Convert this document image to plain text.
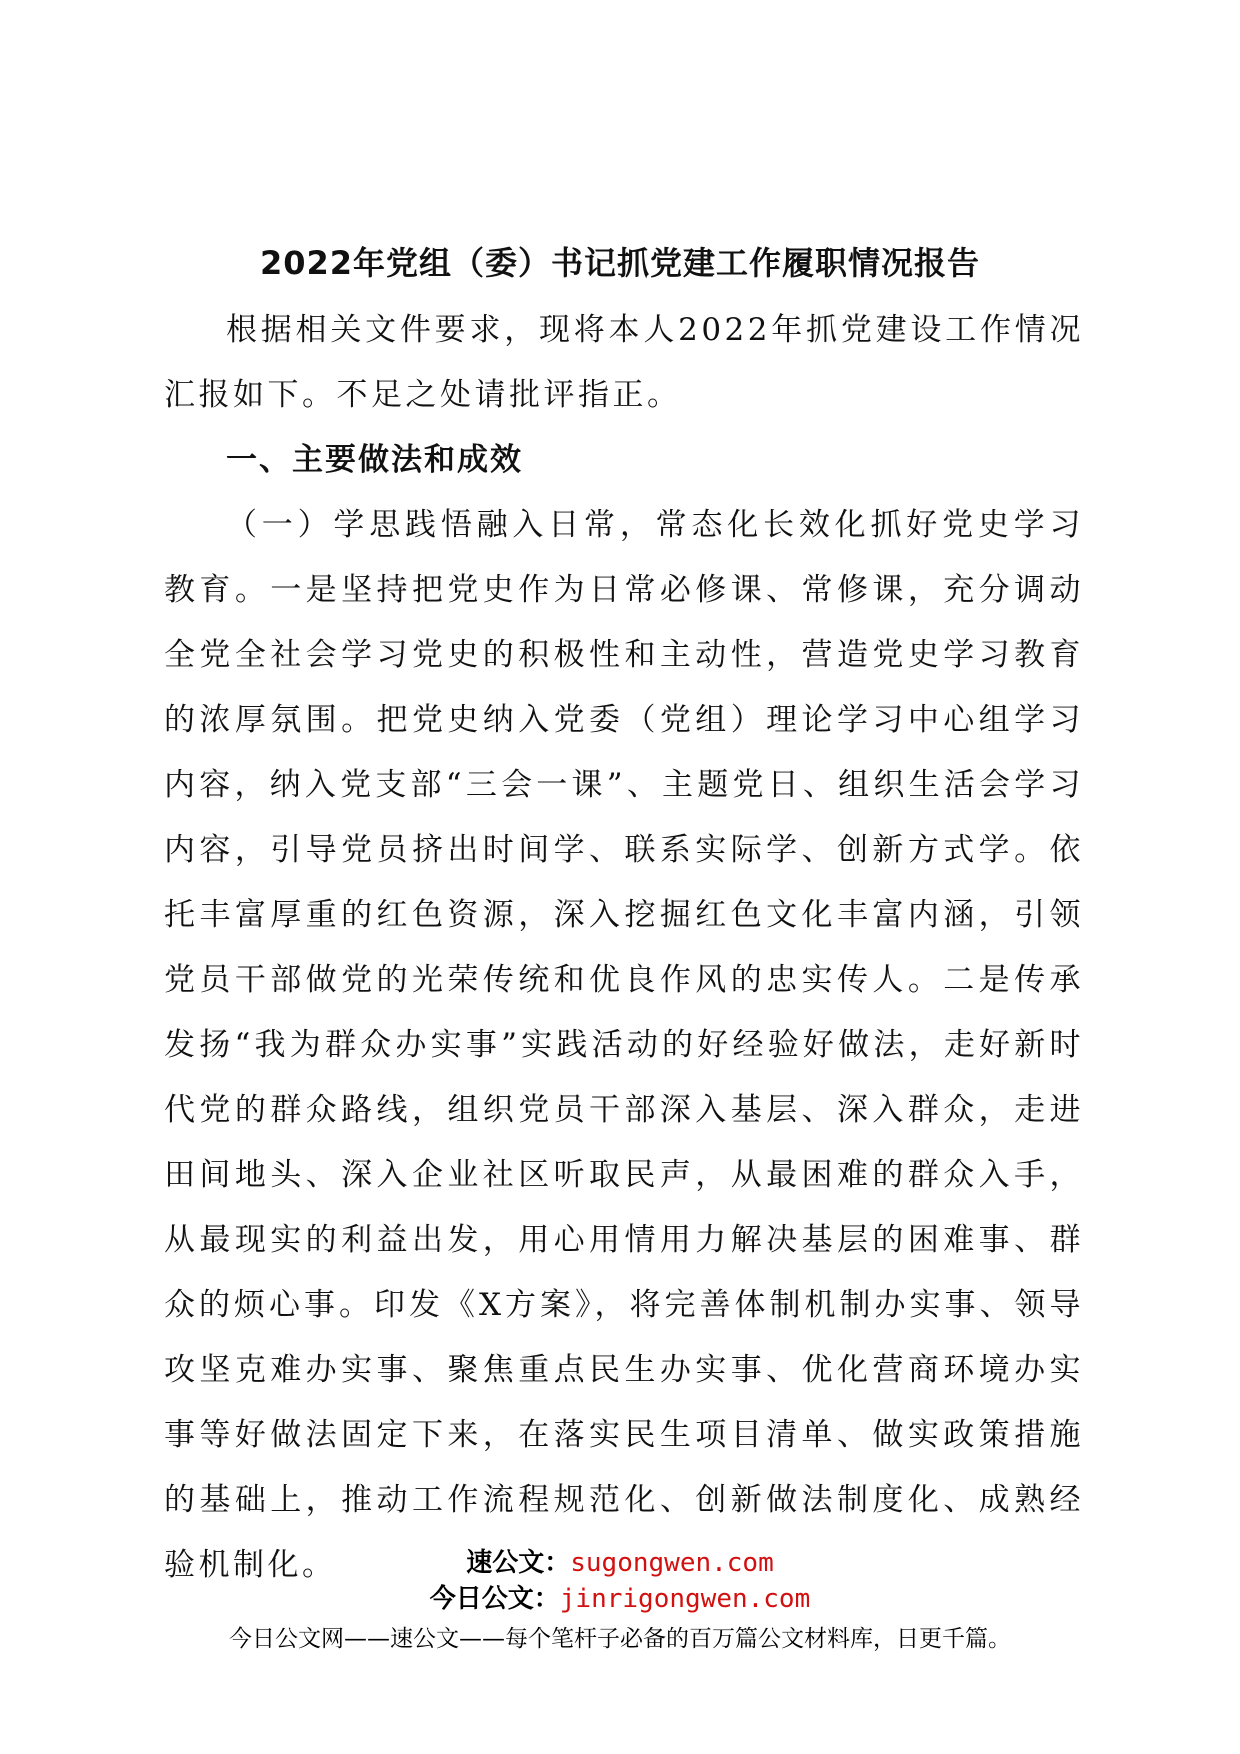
2022年党组（委）书记抓党建工作履职情况报告

根据相关文件要求，现将本人2022年抓党建设工作情况汇报如下。不足之处请批评指正。

一、主要做法和成效

（一）学思践悟融入日常，常态化长效化抓好党史学习教育。一是坚持把党史作为日常必修课、常修课，充分调动全党全社会学习党史的积极性和主动性，营造党史学习教育的浓厚氛围。把党史纳入党委（党组）理论学习中心组学习内容，纳入党支部“三会一课”、主题党日、组织生活会学习内容，引导党员挤出时间学、联系实际学、创新方式学。依托丰富厚重的红色资源，深入挖掘红色文化丰富内涵，引领党员干部做党的光荣传统和优良作风的忠实传人。二是传承发扬“我为群众办实事”实践活动的好经验好做法，走好新时代党的群众路线，组织党员干部深入基层、深入群众，走进田间地头、深入企业社区听取民声，从最困难的群众入手，从最现实的利益出发，用心用情用力解决基层的困难事、群众的烦心事。印发《X方案》，将完善体制机制办实事、领导攻坚克难办实事、聚焦重点民生办实事、优化营商环境办实事等好做法固定下来，在落实民生项目清单、做实政策措施的基础上，推动工作流程规范化、创新做法制度化、成熟经验机制化。	速公文：sugongwen.com
今日公文：jinrigongwen.com
今日公文网——速公文——每个笔杆子必备的百万篇公文材料库，日更千篇。
